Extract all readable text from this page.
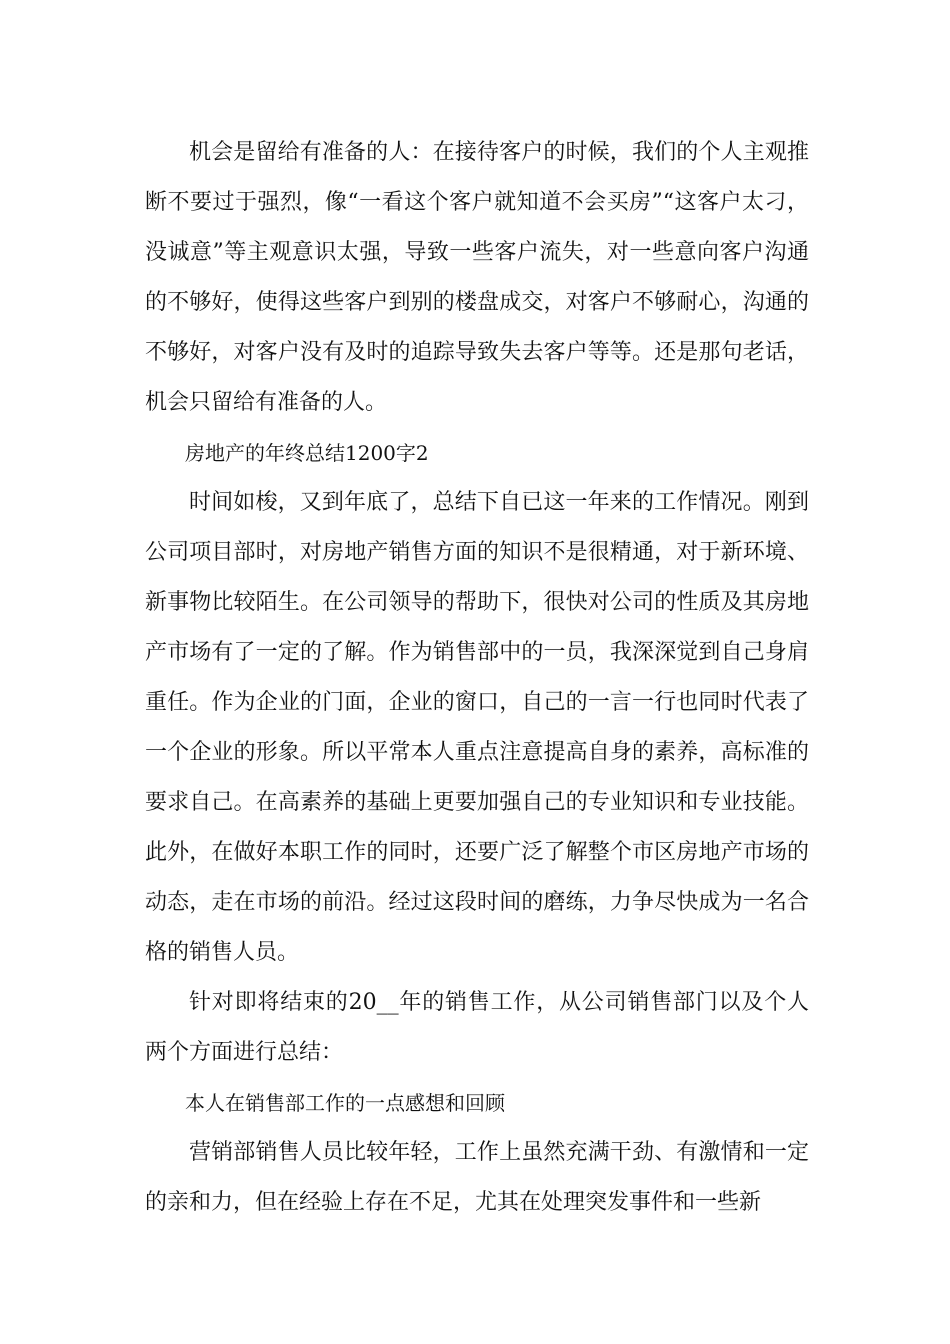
机会是留给有准备的人：在接待客户的时候，我们的个人主观推断不要过于强烈，像“一看这个客户就知道不会买房”“这客户太刁，没诚意”等主观意识太强，导致一些客户流失，对一些意向客户沟通的不够好，使得这些客户到别的楼盘成交，对客户不够耐心，沟通的不够好，对客户没有及时的追踪导致失去客户等等。还是那句老话，机会只留给有准备的人。

房地产的年终总结1200字2

时间如梭，又到年底了，总结下自已这一年来的工作情况。刚到公司项目部时，对房地产销售方面的知识不是很精通，对于新环境、新事物比较陌生。在公司领导的帮助下，很快对公司的性质及其房地产市场有了一定的了解。作为销售部中的一员，我深深觉到自己身肩重任。作为企业的门面，企业的窗口，自己的一言一行也同时代表了一个企业的形象。所以平常本人重点注意提高自身的素养，高标准的要求自己。在高素养的基础上更要加强自己的专业知识和专业技能。此外，在做好本职工作的同时，还要广泛了解整个市区房地产市场的动态，走在市场的前沿。经过这段时间的磨练，力争尽快成为一名合格的销售人员。

针对即将结束的20__年的销售工作，从公司销售部门以及个人两个方面进行总结：

本人在销售部工作的一点感想和回顾

营销部销售人员比较年轻，工作上虽然充满干劲、有激情和一定的亲和力，但在经验上存在不足，尤其在处理突发事件和一些新
